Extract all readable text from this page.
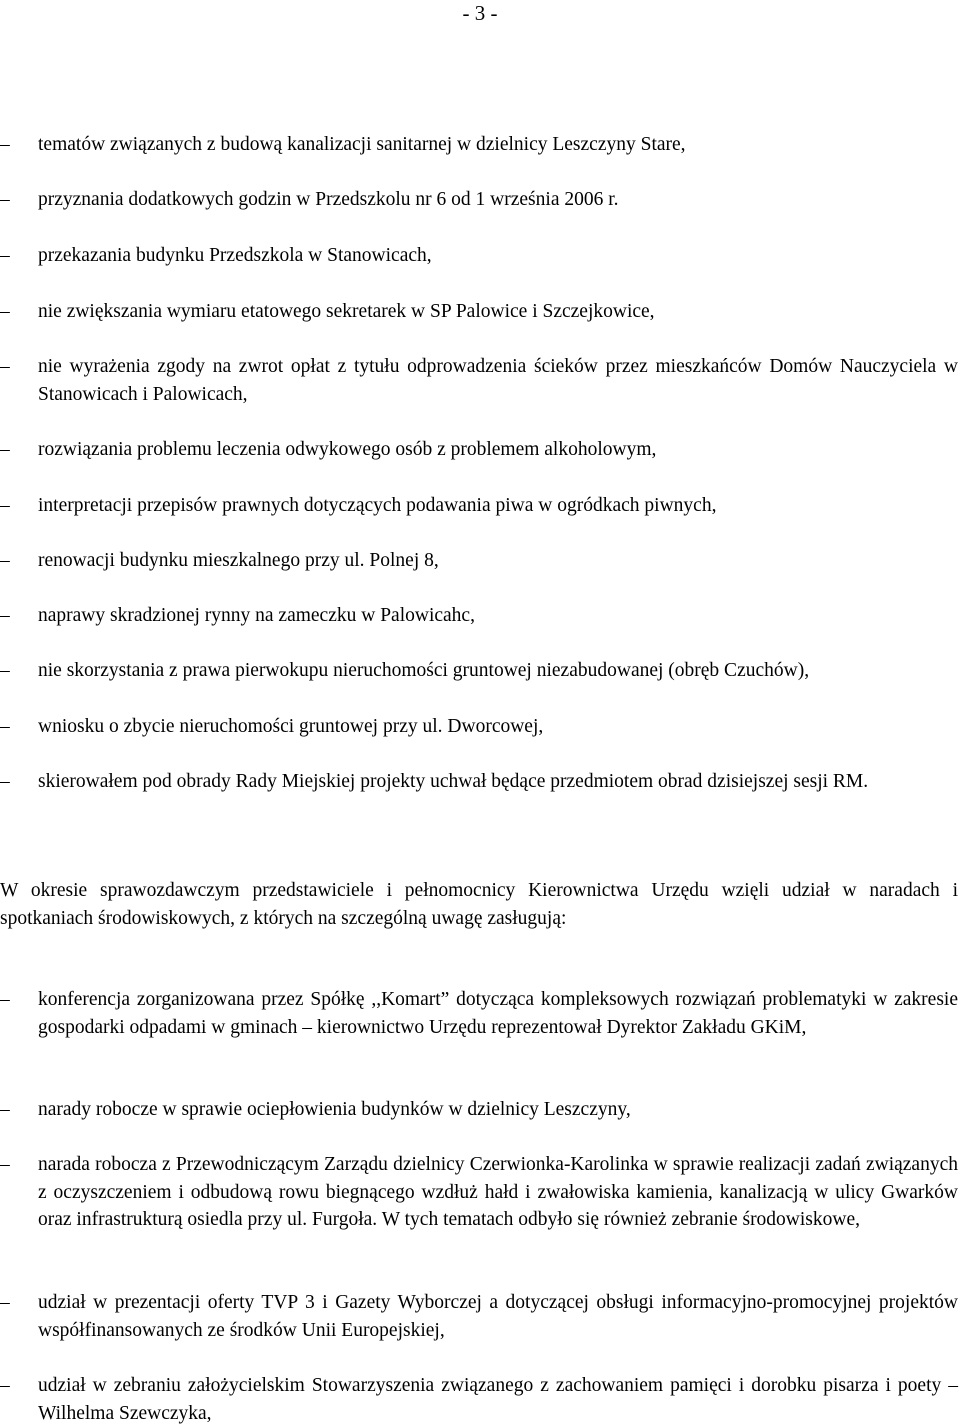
- 3 -
–	tematów związanych z budową kanalizacji sanitarnej w dzielnicy Leszczyny Stare,
–	przyznania dodatkowych godzin w Przedszkolu nr 6 od 1 września 2006 r.
–	przekazania budynku Przedszkola w Stanowicach,
–	nie zwiększania wymiaru etatowego sekretarek w SP Palowice i Szczejkowice,
–	nie wyrażenia zgody na zwrot opłat z tytułu odprowadzenia ścieków przez mieszkańców Domów Nauczyciela w Stanowicach i Palowicach,
–	rozwiązania problemu leczenia odwykowego osób z problemem alkoholowym,
–	interpretacji przepisów prawnych dotyczących podawania piwa w ogródkach piwnych,
–	renowacji budynku mieszkalnego przy ul. Polnej 8,
–	naprawy skradzionej rynny na zameczku w Palowicahc,
–	nie skorzystania z prawa pierwokupu nieruchomości gruntowej niezabudowanej (obręb Czuchów),
–	wniosku o zbycie nieruchomości gruntowej przy ul. Dworcowej,
–	skierowałem pod obrady Rady Miejskiej projekty uchwał będące przedmiotem obrad dzisiejszej sesji RM.

W okresie sprawozdawczym przedstawiciele i pełnomocnicy Kierownictwa Urzędu wzięli udział w naradach i spotkaniach środowiskowych, z których na szczególną uwagę zasługują:

–	konferencja zorganizowana przez Spółkę ,,Komart” dotycząca kompleksowych rozwiązań problematyki w zakresie gospodarki odpadami w gminach – kierownictwo Urzędu reprezentował Dyrektor Zakładu GKiM,
–	narady robocze w sprawie ociepłowienia budynków w dzielnicy Leszczyny,
–	narada robocza z Przewodniczącym Zarządu dzielnicy Czerwionka-Karolinka w sprawie realizacji zadań związanych z oczyszczeniem i odbudową rowu biegnącego wzdłuż hałd i zwałowiska kamienia, kanalizacją w ulicy Gwarków oraz infrastrukturą osiedla przy ul. Furgoła. W tych tematach odbyło się również zebranie środowiskowe,
–	udział w prezentacji oferty TVP 3 i Gazety Wyborczej a dotyczącej obsługi informacyjno-promocyjnej projektów współfinansowanych ze środków Unii Europejskiej,
–	udział w zebraniu założycielskim Stowarzyszenia związanego z zachowaniem pamięci i dorobku pisarza i poety – Wilhelma Szewczyka,
